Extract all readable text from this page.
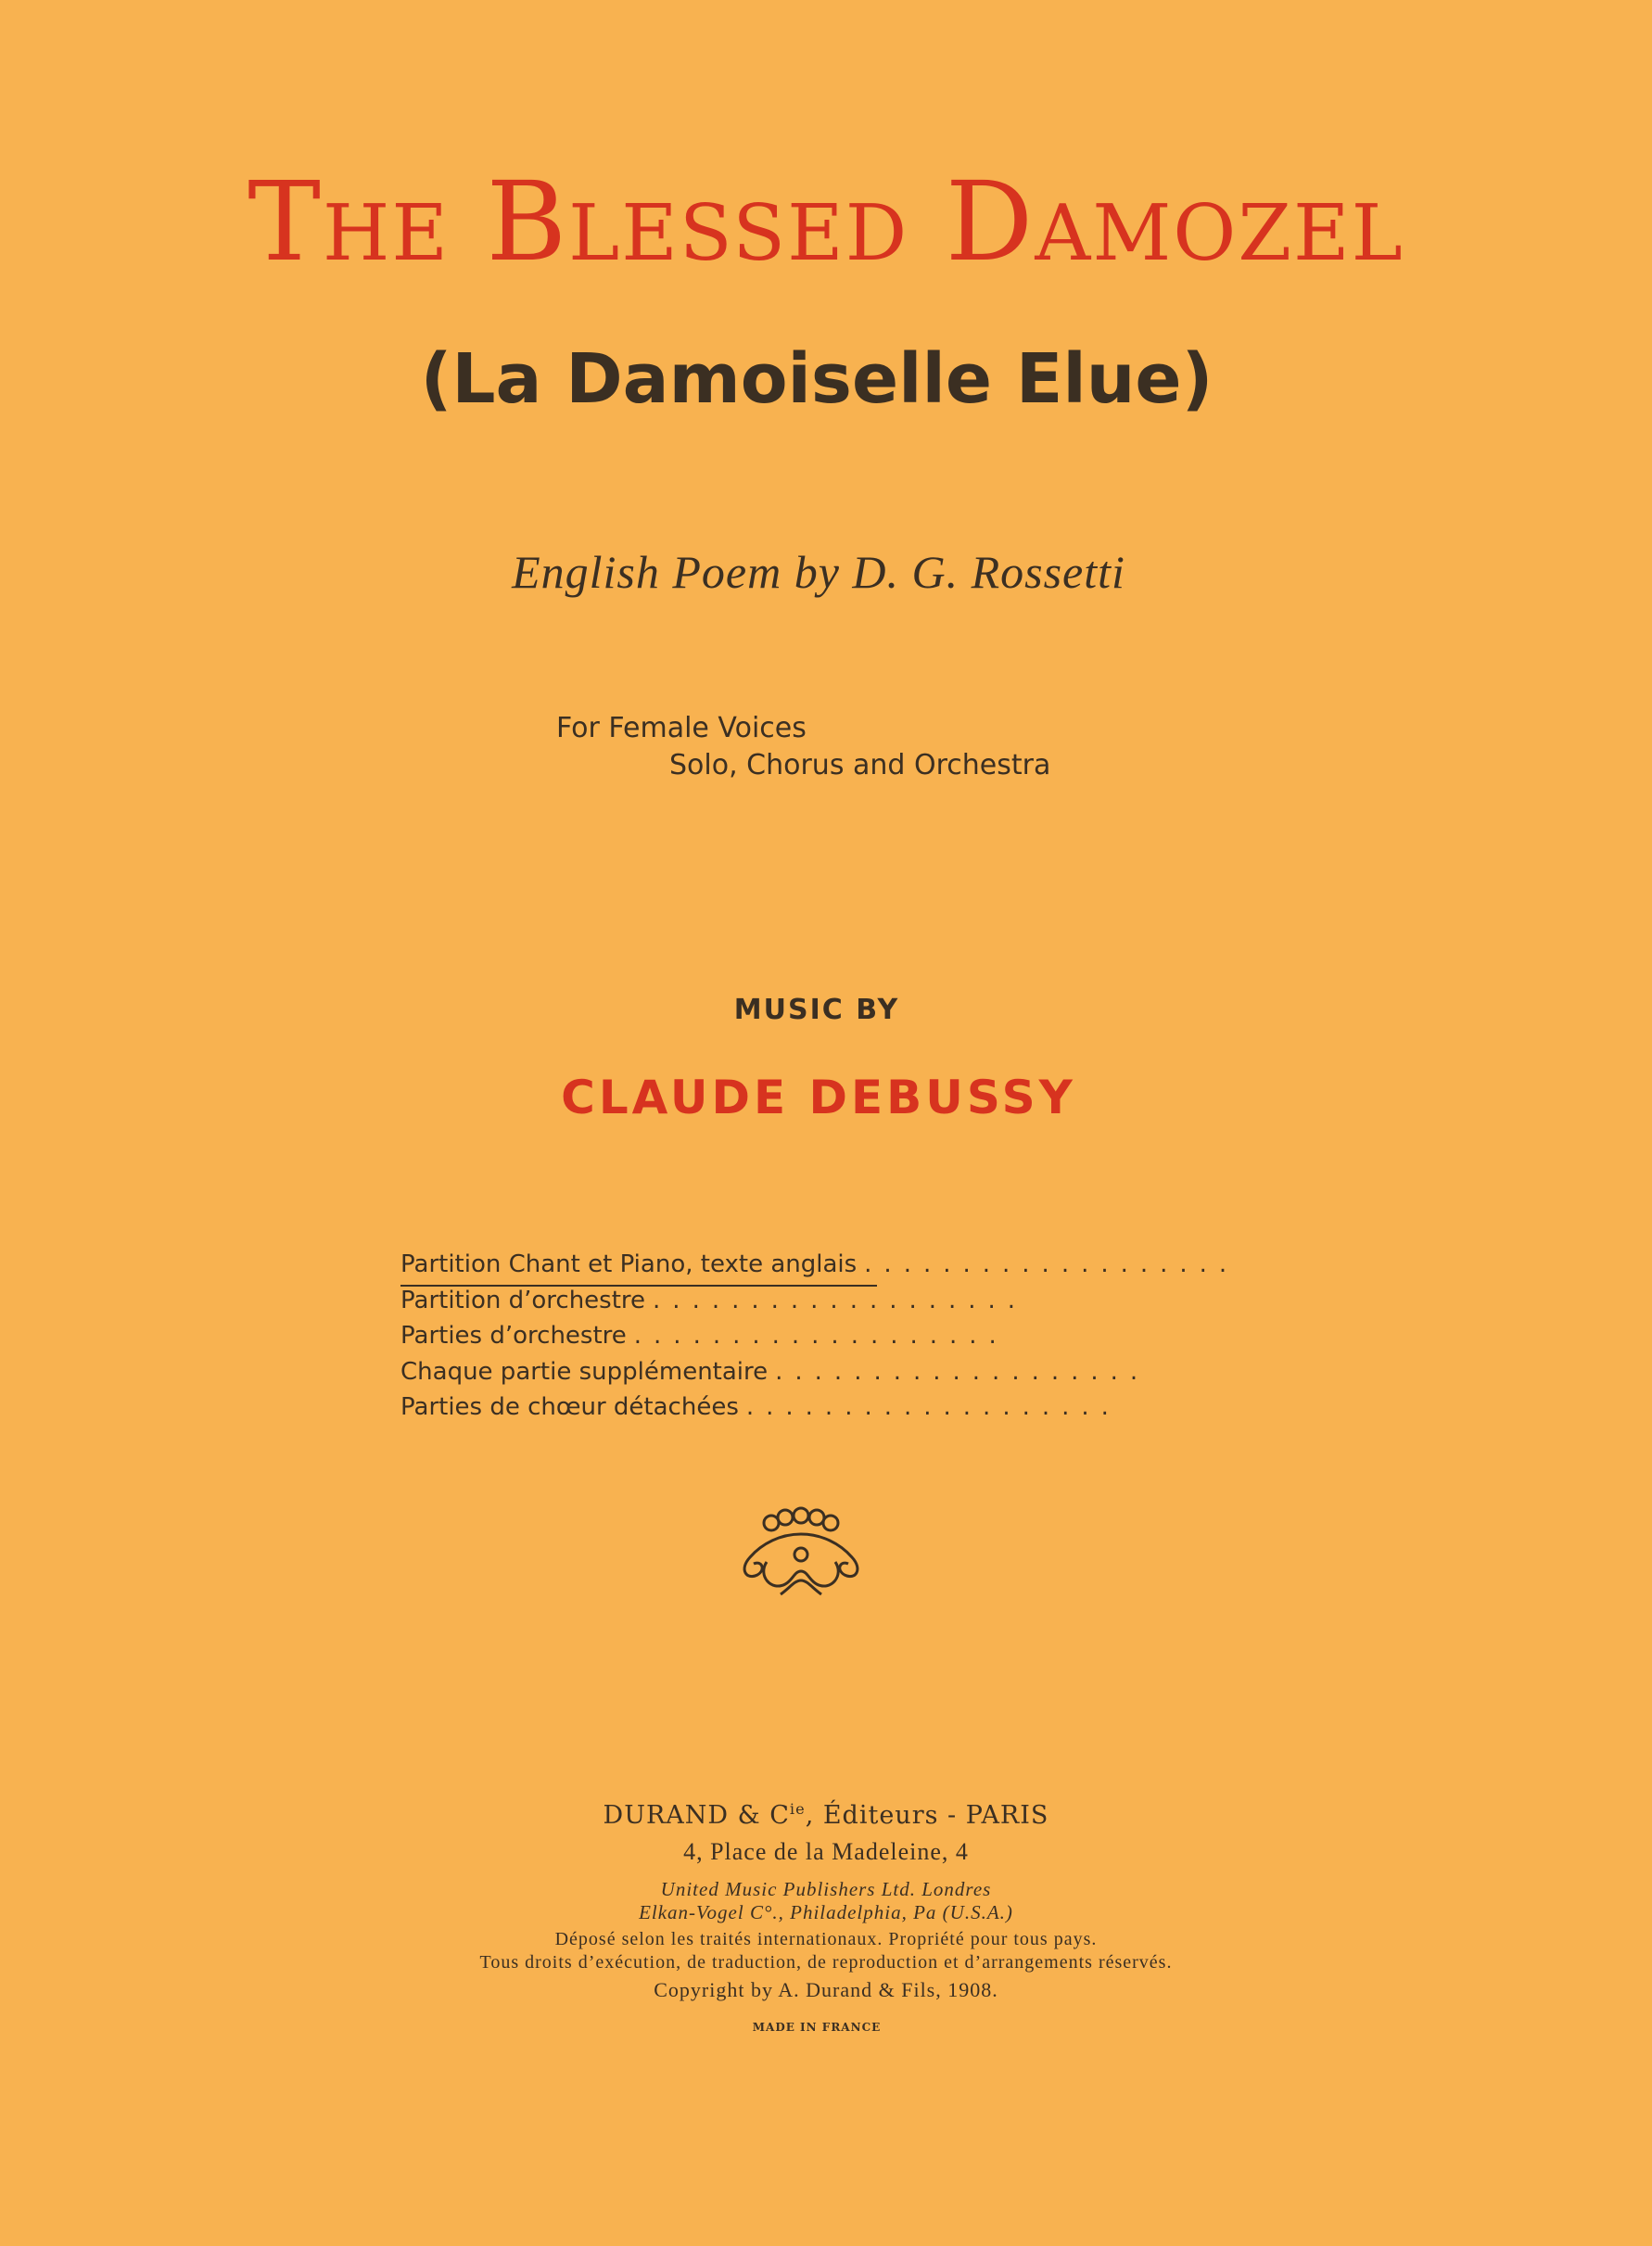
The Blessed Damozel
(La Damoiselle Elue)
English Poem by D. G. Rossetti
For Female Voices
Solo, Chorus and Orchestra
MUSIC BY
CLAUDE DEBUSSY
Partition Chant et Piano, texte anglais ...................
Partition d’orchestre ...................
Parties d’orchestre ...................
Chaque partie supplémentaire ...................
Parties de chœur détachées ...................
DURAND & $C^{ie}$, Éditeurs - PARIS
4, Place de la Madeleine, 4
United Music Publishers Ltd. Londres
Elkan-Vogel C°., Philadelphia, Pa (U.S.A.)
Déposé selon les traités internationaux. Propriété pour tous pays.
Tous droits d’exécution, de traduction, de reproduction et d’arrangements réservés.
Copyright by A. Durand & Fils, 1908.
MADE IN FRANCE
